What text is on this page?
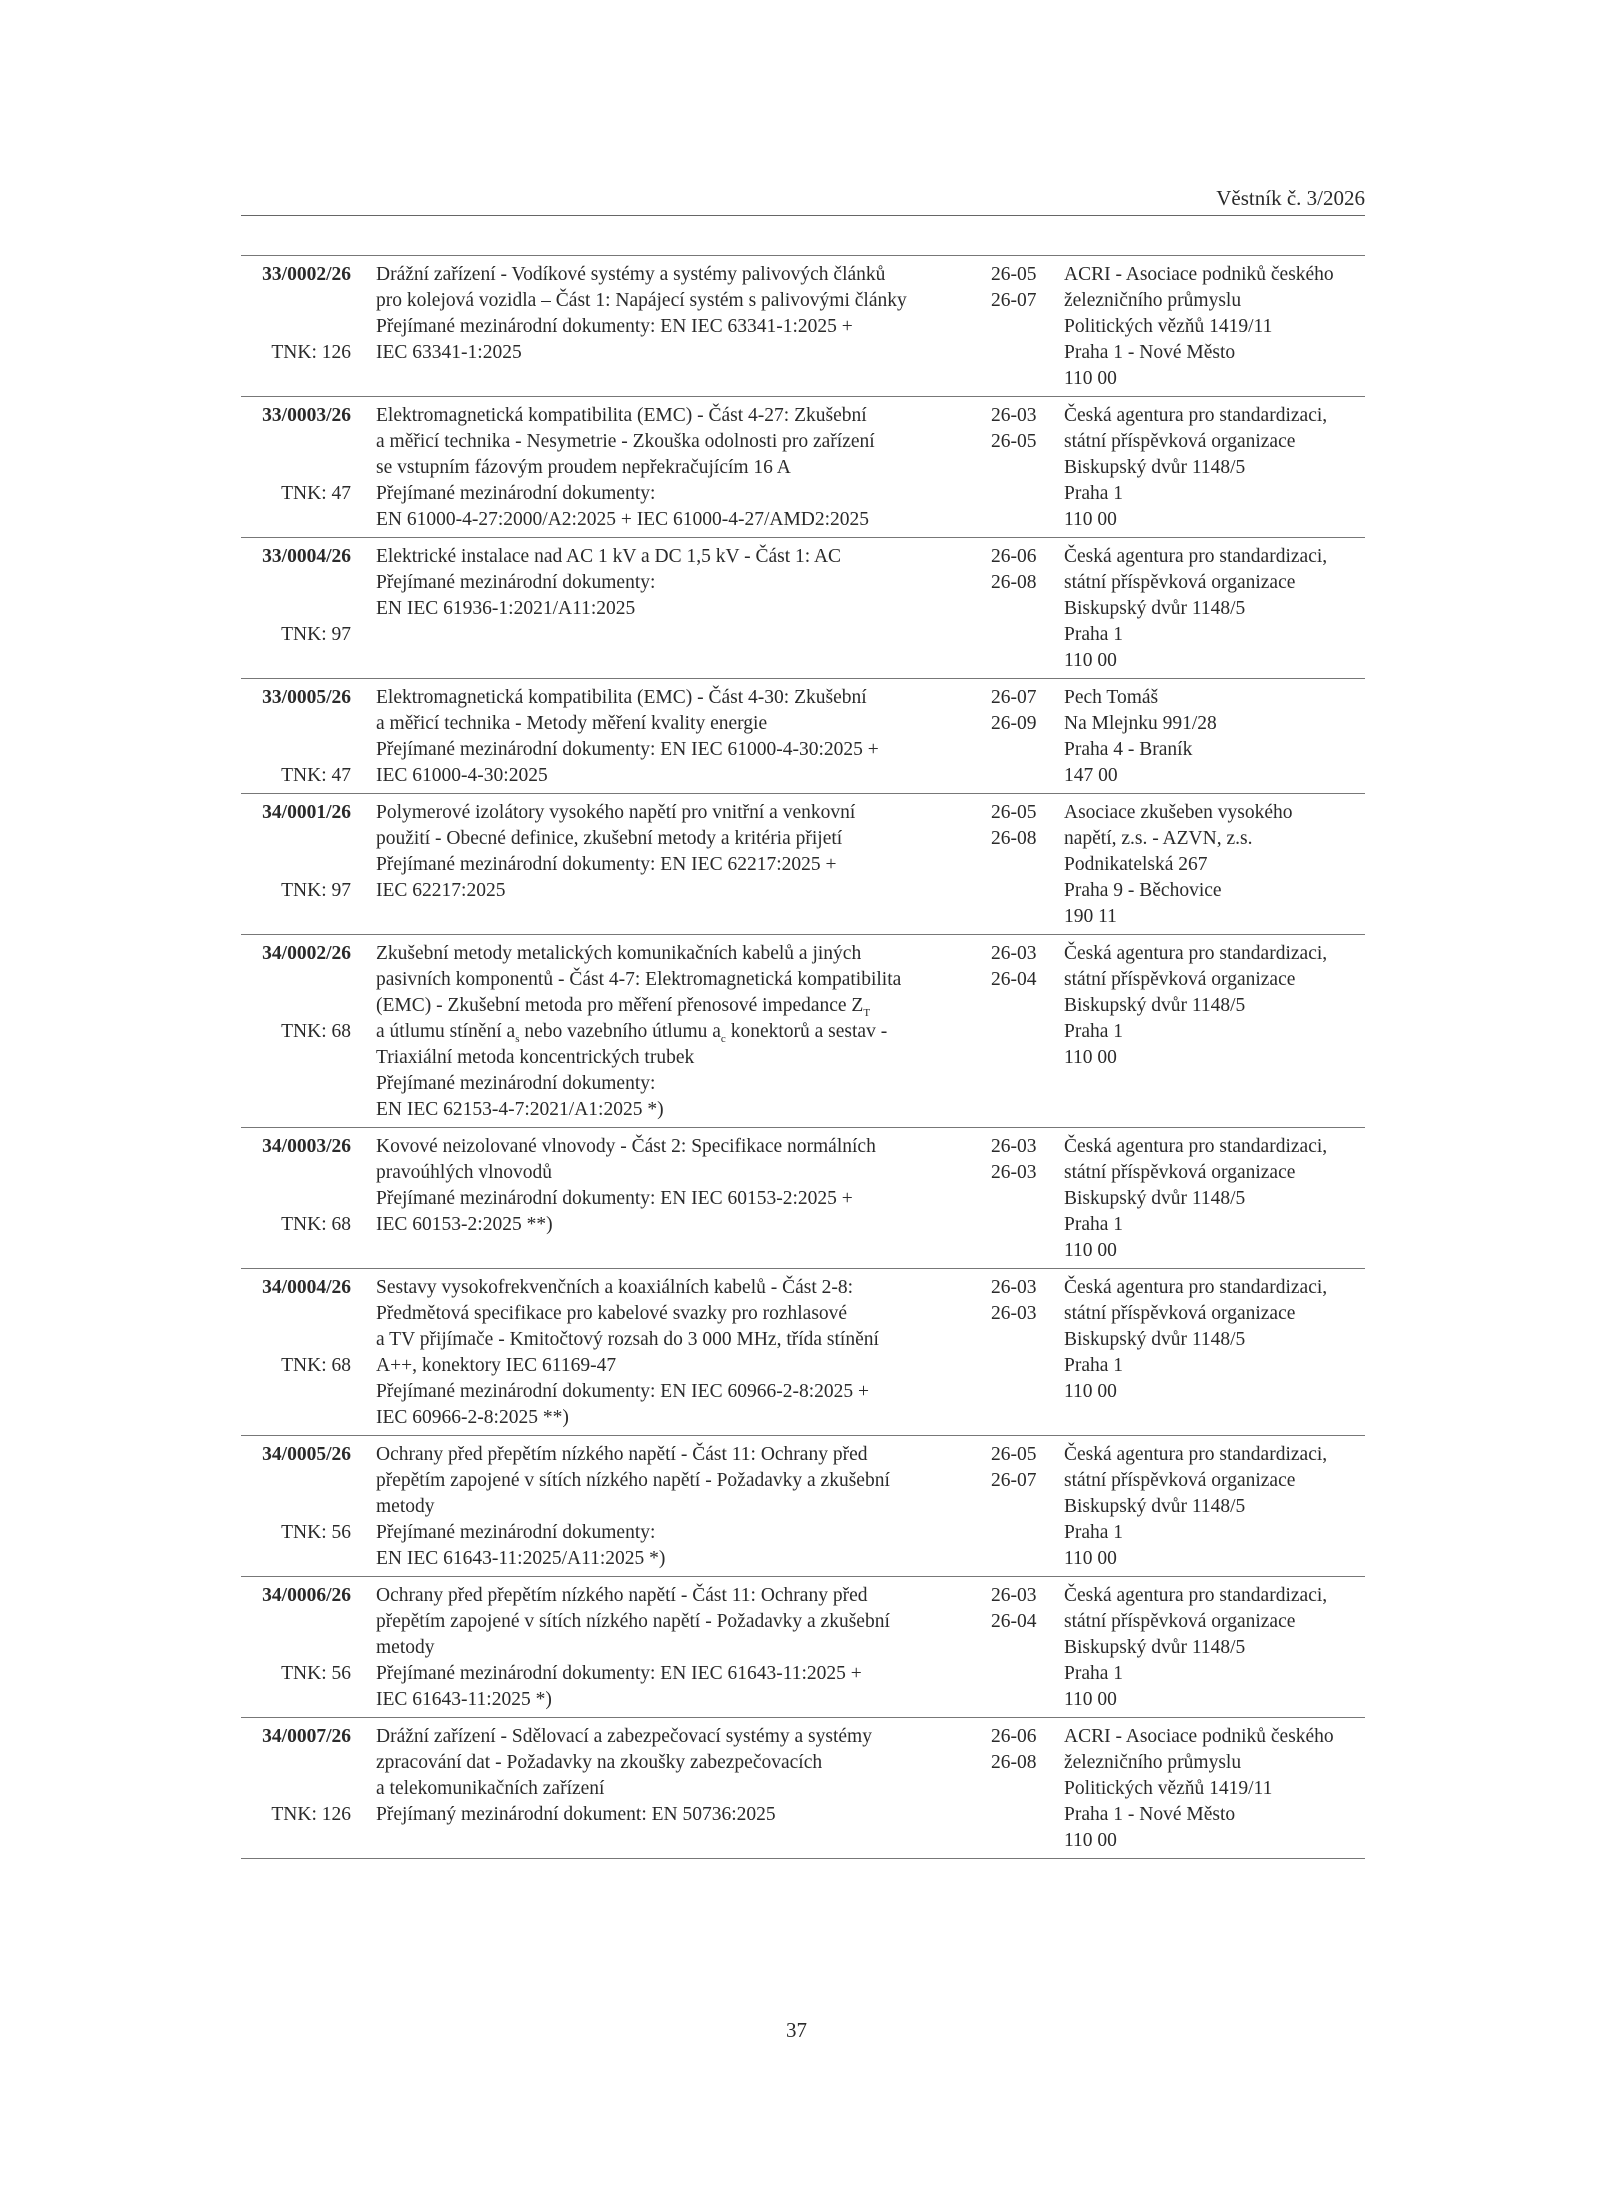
Věstník č. 3/2026
33/0002/26
TNK: 126
Drážní zařízení - Vodíkové systémy a systémy palivových článků
pro kolejová vozidla – Část 1: Napájecí systém s palivovými články
Přejímané mezinárodní dokumenty: EN IEC 63341-1:2025 +
IEC 63341-1:2025
26-05
26-07
ACRI - Asociace podniků českého
železničního průmyslu
Politických vězňů 1419/11
Praha 1 - Nové Město
110 00
33/0003/26
TNK: 47
Elektromagnetická kompatibilita (EMC) - Část 4-27: Zkušební
a měřicí technika - Nesymetrie - Zkouška odolnosti pro zařízení
se vstupním fázovým proudem nepřekračujícím 16 A
Přejímané mezinárodní dokumenty:
EN 61000-4-27:2000/A2:2025 + IEC 61000-4-27/AMD2:2025
26-03
26-05
Česká agentura pro standardizaci,
státní příspěvková organizace
Biskupský dvůr 1148/5
Praha 1
110 00
33/0004/26
TNK: 97
Elektrické instalace nad AC 1 kV a DC 1,5 kV - Část 1: AC
Přejímané mezinárodní dokumenty:
EN IEC 61936-1:2021/A11:2025
26-06
26-08
Česká agentura pro standardizaci,
státní příspěvková organizace
Biskupský dvůr 1148/5
Praha 1
110 00
33/0005/26
TNK: 47
Elektromagnetická kompatibilita (EMC) - Část 4-30: Zkušební
a měřicí technika - Metody měření kvality energie
Přejímané mezinárodní dokumenty: EN IEC 61000-4-30:2025 +
IEC 61000-4-30:2025
26-07
26-09
Pech Tomáš
Na Mlejnku 991/28
Praha 4 - Braník
147 00
34/0001/26
TNK: 97
Polymerové izolátory vysokého napětí pro vnitřní a venkovní
použití - Obecné definice, zkušební metody a kritéria přijetí
Přejímané mezinárodní dokumenty: EN IEC 62217:2025 +
IEC 62217:2025
26-05
26-08
Asociace zkušeben vysokého
napětí, z.s. - AZVN, z.s.
Podnikatelská 267
Praha 9 - Běchovice
190 11
34/0002/26
TNK: 68
Zkušební metody metalických komunikačních kabelů a jiných
pasivních komponentů - Část 4-7: Elektromagnetická kompatibilita
(EMC) - Zkušební metoda pro měření přenosové impedance $Z_T$
a útlumu stínění $a_s$ nebo vazebního útlumu $a_c$ konektorů a sestav -
Triaxiální metoda koncentrických trubek
Přejímané mezinárodní dokumenty:
EN IEC 62153-4-7:2021/A1:2025 *)
26-03
26-04
Česká agentura pro standardizaci,
státní příspěvková organizace
Biskupský dvůr 1148/5
Praha 1
110 00
34/0003/26
TNK: 68
Kovové neizolované vlnovody - Část 2: Specifikace normálních
pravoúhlých vlnovodů
Přejímané mezinárodní dokumenty: EN IEC 60153-2:2025 +
IEC 60153-2:2025 **)
26-03
26-03
Česká agentura pro standardizaci,
státní příspěvková organizace
Biskupský dvůr 1148/5
Praha 1
110 00
34/0004/26
TNK: 68
Sestavy vysokofrekvenčních a koaxiálních kabelů - Část 2-8:
Předmětová specifikace pro kabelové svazky pro rozhlasové
a TV přijímače - Kmitočtový rozsah do 3 000 MHz, třída stínění
A++, konektory IEC 61169-47
Přejímané mezinárodní dokumenty: EN IEC 60966-2-8:2025 +
IEC 60966-2-8:2025 **)
26-03
26-03
Česká agentura pro standardizaci,
státní příspěvková organizace
Biskupský dvůr 1148/5
Praha 1
110 00
34/0005/26
TNK: 56
Ochrany před přepětím nízkého napětí - Část 11: Ochrany před
přepětím zapojené v sítích nízkého napětí - Požadavky a zkušební
metody
Přejímané mezinárodní dokumenty:
EN IEC 61643-11:2025/A11:2025 *)
26-05
26-07
Česká agentura pro standardizaci,
státní příspěvková organizace
Biskupský dvůr 1148/5
Praha 1
110 00
34/0006/26
TNK: 56
Ochrany před přepětím nízkého napětí - Část 11: Ochrany před
přepětím zapojené v sítích nízkého napětí - Požadavky a zkušební
metody
Přejímané mezinárodní dokumenty: EN IEC 61643-11:2025 +
IEC 61643-11:2025 *)
26-03
26-04
Česká agentura pro standardizaci,
státní příspěvková organizace
Biskupský dvůr 1148/5
Praha 1
110 00
34/0007/26
TNK: 126
Drážní zařízení - Sdělovací a zabezpečovací systémy a systémy
zpracování dat - Požadavky na zkoušky zabezpečovacích
a telekomunikačních zařízení
Přejímaný mezinárodní dokument: EN 50736:2025
26-06
26-08
ACRI - Asociace podniků českého
železničního průmyslu
Politických vězňů 1419/11
Praha 1 - Nové Město
110 00
37
